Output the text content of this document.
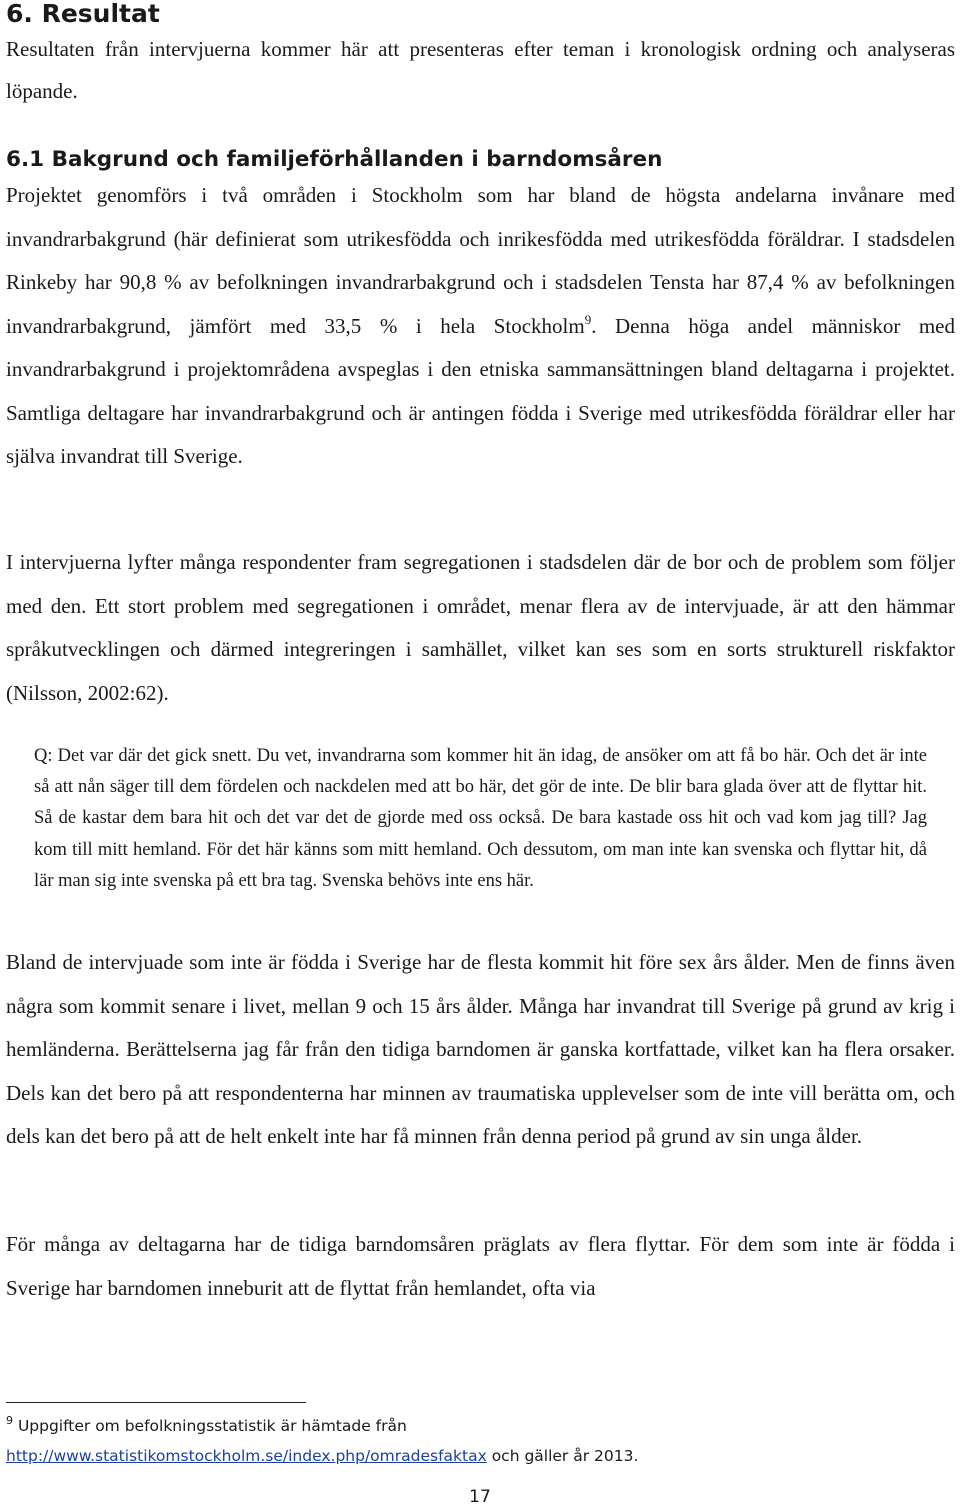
6. Resultat

Resultaten från intervjuerna kommer här att presenteras efter teman i kronologisk ordning och analyseras löpande.

6.1 Bakgrund och familjeförhållanden i barndomsåren

Projektet genomförs i två områden i Stockholm som har bland de högsta andelarna invånare med invandrarbakgrund (här definierat som utrikesfödda och inrikesfödda med utrikesfödda föräldrar. I stadsdelen Rinkeby har 90,8 % av befolkningen invandrarbakgrund och i stadsdelen Tensta har 87,4 % av befolkningen invandrarbakgrund, jämfört med 33,5 % i hela Stockholm$^9$. Denna höga andel människor med invandrarbakgrund i projektområdena avspeglas i den etniska sammansättningen bland deltagarna i projektet. Samtliga deltagare har invandrarbakgrund och är antingen födda i Sverige med utrikesfödda föräldrar eller har själva invandrat till Sverige.

I intervjuerna lyfter många respondenter fram segregationen i stadsdelen där de bor och de problem som följer med den. Ett stort problem med segregationen i området, menar flera av de intervjuade, är att den hämmar språkutvecklingen och därmed integreringen i samhället, vilket kan ses som en sorts strukturell riskfaktor (Nilsson, 2002:62).

Q: Det var där det gick snett. Du vet, invandrarna som kommer hit än idag, de ansöker om att få bo här. Och det är inte så att nån säger till dem fördelen och nackdelen med att bo här, det gör de inte. De blir bara glada över att de flyttar hit. Så de kastar dem bara hit och det var det de gjorde med oss också. De bara kastade oss hit och vad kom jag till? Jag kom till mitt hemland. För det här känns som mitt hemland. Och dessutom, om man inte kan svenska och flyttar hit, då lär man sig inte svenska på ett bra tag. Svenska behövs inte ens här.

Bland de intervjuade som inte är födda i Sverige har de flesta kommit hit före sex års ålder. Men de finns även några som kommit senare i livet, mellan 9 och 15 års ålder. Många har invandrat till Sverige på grund av krig i hemländerna. Berättelserna jag får från den tidiga barndomen är ganska kortfattade, vilket kan ha flera orsaker. Dels kan det bero på att respondenterna har minnen av traumatiska upplevelser som de inte vill berätta om, och dels kan det bero på att de helt enkelt inte har få minnen från denna period på grund av sin unga ålder.

För många av deltagarna har de tidiga barndomsåren präglats av flera flyttar. För dem som inte är födda i Sverige har barndomen inneburit att de flyttat från hemlandet, ofta via

$^9$ Uppgifter om befolkningsstatistik är hämtade från
http://www.statistikomstockholm.se/index.php/omradesfaktax och gäller år 2013.

17
